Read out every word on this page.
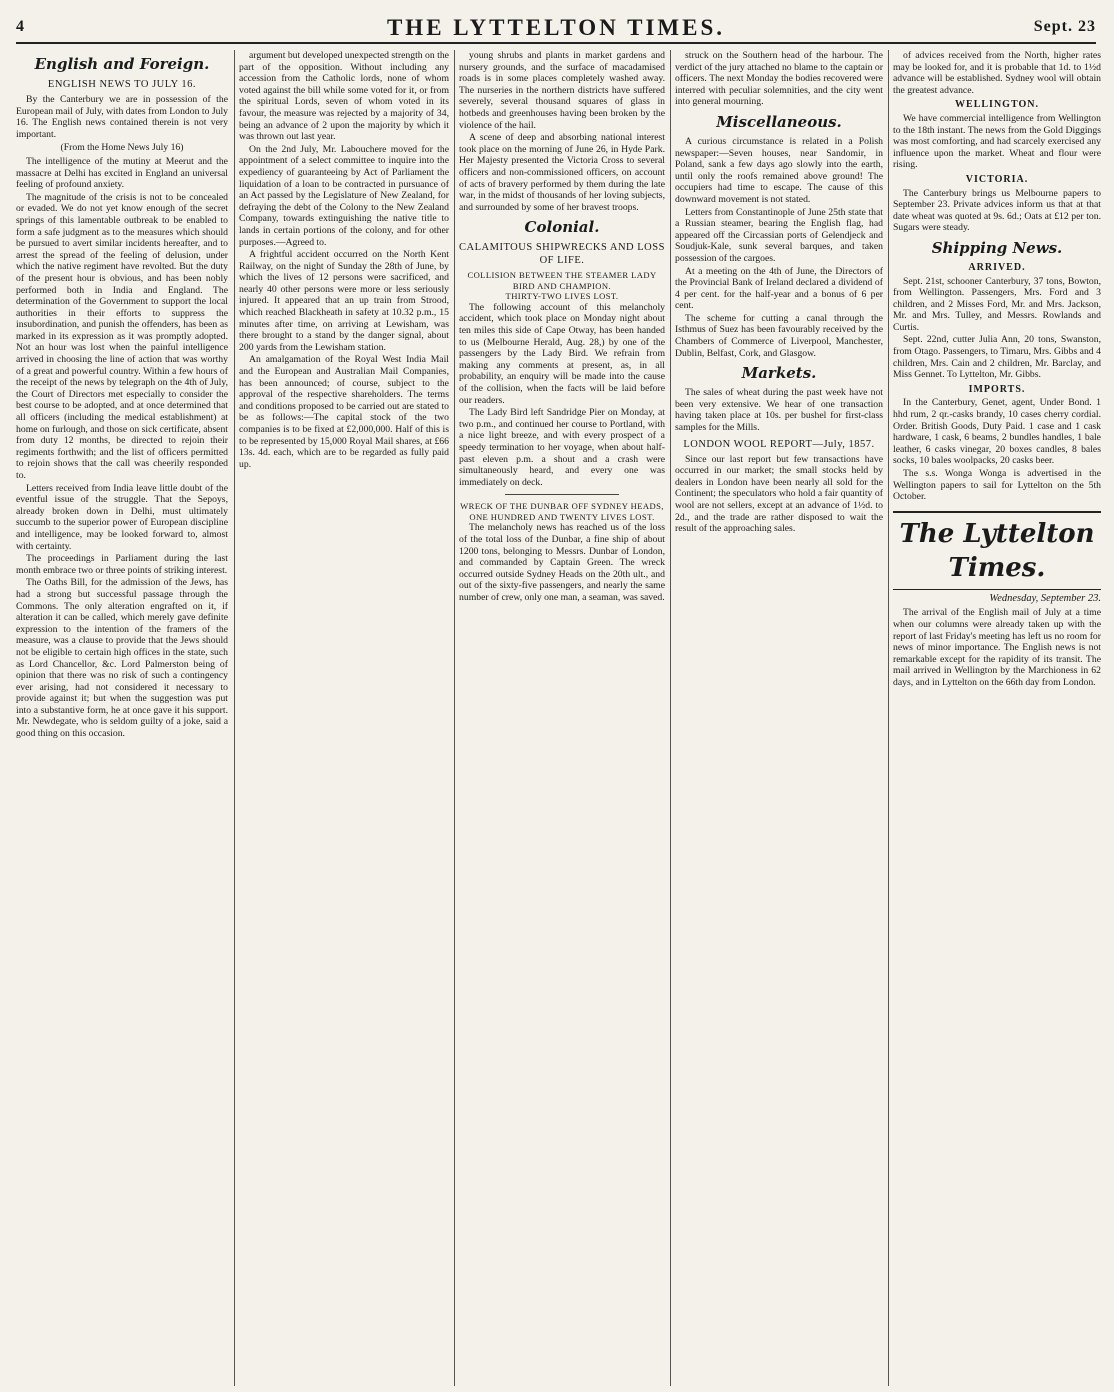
4	THE LYTTELTON TIMES.	Sept. 23
English and Foreign.
ENGLISH NEWS TO JULY 16.

By the Canterbury we are in possession of the European mail of July, with dates from London to July 16. The English news contained therein is not very important.

(From the Home News July 16)

The intelligence of the mutiny at Meerut and the massacre at Delhi has excited in England an universal feeling of profound anxiety.

The magnitude of the crisis is not to be concealed or evaded. We do not yet know enough of the secret springs of this lamentable outbreak to be enabled to form a safe judgment as to the measures which should be pursued to avert similar incidents hereafter, and to arrest the spread of the feeling of delusion, under which the native regiment have revolted. But the duty of the present hour is obvious, and has been nobly performed both in India and England. The determination of the Government to support the local authorities in their efforts to suppress the insubordination, and punish the offenders, has been as marked in its expression as it was promptly adopted. Not an hour was lost when the painful intelligence arrived in choosing the line of action that was worthy of a great and powerful country. Within a few hours of the receipt of the news by telegraph on the 4th of July, the Court of Directors met especially to consider the best course to be adopted, and at once determined that all officers (including the medical establishment) at home on furlough, and those on sick certificate, absent from duty 12 months, be directed to rejoin their regiments forthwith; and the list of officers permitted to rejoin shows that the call was cheerily responded to.

Letters received from India leave little doubt of the eventful issue of the struggle. That the Sepoys, already broken down in Delhi, must ultimately succumb to the superior power of European discipline and intelligence, may be looked forward to, almost with certainty.

The proceedings in Parliament during the last month embrace two or three points of striking interest.

The Oaths Bill, for the admission of the Jews, has had a strong but successful passage through the Commons. The only alteration engrafted on it, if alteration it can be called, which merely gave definite expression to the intention of the framers of the measure, was a clause to provide that the Jews should not be eligible to certain high offices in the state, such as Lord Chancellor, &c. Lord Palmerston being of opinion that there was no risk of such a contingency ever arising, had not considered it necessary to provide against it; but when the suggestion was put into a substantive form, he at once gave it his support. Mr. Newdegate, who is seldom guilty of a joke, said a good thing on this occasion.

argument but developed unexpected strength on the part of the opposition. Without including any accession from the Catholic lords, none of whom voted against the bill while some voted for it, or from the spiritual Lords, seven of whom voted in its favour, the measure was rejected by a majority of 34, being an advance of 2 upon the majority by which it was thrown out last year.

On the 2nd July, Mr. Labouchere moved for the appointment of a select committee to inquire into the expediency of guaranteeing by Act of Parliament the liquidation of a loan to be contracted in pursuance of an Act passed by the Legislature of New Zealand, for defraying the debt of the Colony to the New Zealand Company, towards extinguishing the native title to lands in certain portions of the colony, and for other purposes.—Agreed to.

A frightful accident occurred on the North Kent Railway, on the night of Sunday the 28th of June, by which the lives of 12 persons were sacrificed, and nearly 40 other persons were more or less seriously injured. It appeared that an up train from Strood, which reached Blackheath in safety at 10.32 p.m., 15 minutes after time, on arriving at Lewisham, was there brought to a stand by the danger signal, about 200 yards from the Lewisham station.

An amalgamation of the Royal West India Mail and the European and Australian Mail Companies, has been announced; of course, subject to the approval of the respective shareholders. The terms and conditions proposed to be carried out are stated to be as follows:—The capital stock of the two companies is to be fixed at £2,000,000. Half of this is to be represented by 15,000 Royal Mail shares, at £66 13s. 4d. each, which are to be regarded as fully paid up.

young shrubs and plants in market gardens and nursery grounds, and the surface of macadamised roads is in some places completely washed away. The nurseries in the northern districts have suffered severely, several thousand squares of glass in hotbeds and greenhouses having been broken by the violence of the hail.

A scene of deep and absorbing national interest took place on the morning of June 26, in Hyde Park. Her Majesty presented the Victoria Cross to several officers and non-commissioned officers, on account of acts of bravery performed by them during the late war, in the midst of thousands of her loving subjects, and surrounded by some of her bravest troops.

Colonial.
CALAMITOUS SHIPWRECKS AND LOSS OF LIFE.
COLLISION BETWEEN THE STEAMER LADY BIRD AND CHAMPION.
THIRTY-TWO LIVES LOST.

The following account of this melancholy accident, which took place on Monday night about ten miles this side of Cape Otway, has been handed to us (Melbourne Herald, Aug. 28,) by one of the passengers by the Lady Bird. We refrain from making any comments at present, as, in all probability, an enquiry will be made into the cause of the collision, when the facts will be laid before our readers.

The Lady Bird left Sandridge Pier on Monday, at two p.m., and continued her course to Portland, with a nice light breeze, and with every prospect of a speedy termination to her voyage, when about half-past eleven p.m. a shout and a crash were simultaneously heard, and every one was immediately on deck.

WRECK OF THE DUNBAR OFF SYDNEY HEADS, ONE HUNDRED AND TWENTY LIVES LOST.

The melancholy news has reached us of the loss of the total loss of the Dunbar, a fine ship of about 1200 tons, belonging to Messrs. Dunbar of London, and commanded by Captain Green. The wreck occurred outside Sydney Heads on the 20th ult., and out of the sixty-five passengers, and nearly the same number of crew, only one man, a seaman, was saved.

struck on the Southern head of the harbour. The verdict of the jury attached no blame to the captain or officers. The next Monday the bodies recovered were interred with peculiar solemnities, and the city went into general mourning.

Miscellaneous.

A curious circumstance is related in a Polish newspaper:—Seven houses, near Sandomir, in Poland, sank a few days ago slowly into the earth, until only the roofs remained above ground! The occupiers had time to escape. The cause of this downward movement is not stated.

Letters from Constantinople of June 25th state that a Russian steamer, bearing the English flag, had appeared off the Circassian ports of Gelendjeck and Soudjuk-Kale, sunk several barques, and taken possession of the cargoes.

At a meeting on the 4th of June, the Directors of the Provincial Bank of Ireland declared a dividend of 4 per cent. for the half-year and a bonus of 6 per cent.

The scheme for cutting a canal through the Isthmus of Suez has been favourably received by the Chambers of Commerce of Liverpool, Manchester, Dublin, Belfast, Cork, and Glasgow.

Markets.

The sales of wheat during the past week have not been very extensive. We hear of one transaction having taken place at 10s. per bushel for first-class samples for the Mills.

LONDON WOOL REPORT—July, 1857.

Since our last report but few transactions have occurred in our market; the small stocks held by dealers in London have been nearly all sold for the Continent; the speculators who hold a fair quantity of wool are not sellers, except at an advance of 1½d. to 2d., and the trade are rather disposed to wait the result of the approaching sales.

of advices received from the North, higher rates may be looked for, and it is probable that 1d. to 1½d advance will be established. Sydney wool will obtain the greatest advance.

WELLINGTON.

We have commercial intelligence from Wellington to the 18th instant. The news from the Gold Diggings was most comforting, and had scarcely exercised any influence upon the market. Wheat and flour were rising.

VICTORIA.

The Canterbury brings us Melbourne papers to September 23. Private advices inform us that at that date wheat was quoted at 9s. 6d.; Oats at £12 per ton. Sugars were steady.

Shipping News.
ARRIVED.

Sept. 21st, schooner Canterbury, 37 tons, Bowton, from Wellington. Passengers, Mrs. Ford and 3 children, and 2 Misses Ford, Mr. and Mrs. Jackson, Mr. and Mrs. Tulley, and Messrs. Rowlands and Curtis.

Sept. 22nd, cutter Julia Ann, 20 tons, Swanston, from Otago. Passengers, to Timaru, Mrs. Gibbs and 4 children, Mrs. Cain and 2 children, Mr. Barclay, and Miss Gennet. To Lyttelton, Mr. Gibbs.

IMPORTS.

In the Canterbury, Genet, agent, Under Bond. 1 hhd rum, 2 qr.-casks brandy, 10 cases cherry cordial. Order. British Goods, Duty Paid. 1 case and 1 cask hardware, 1 cask, 6 beams, 2 bundles handles, 1 bale leather, 6 casks vinegar, 20 boxes candles, 8 bales socks, 10 bales woolpacks, 20 casks beer.

The s.s. Wonga Wonga is advertised in the Wellington papers to sail for Lyttelton on the 5th October.

The Lyttelton Times.
Wednesday, September 23.

The arrival of the English mail of July at a time when our columns were already taken up with the report of last Friday's meeting has left us no room for news of minor importance. The English news is not remarkable except for the rapidity of its transit. The mail arrived in Wellington by the Marchioness in 62 days, and in Lyttelton on the 66th day from London.
